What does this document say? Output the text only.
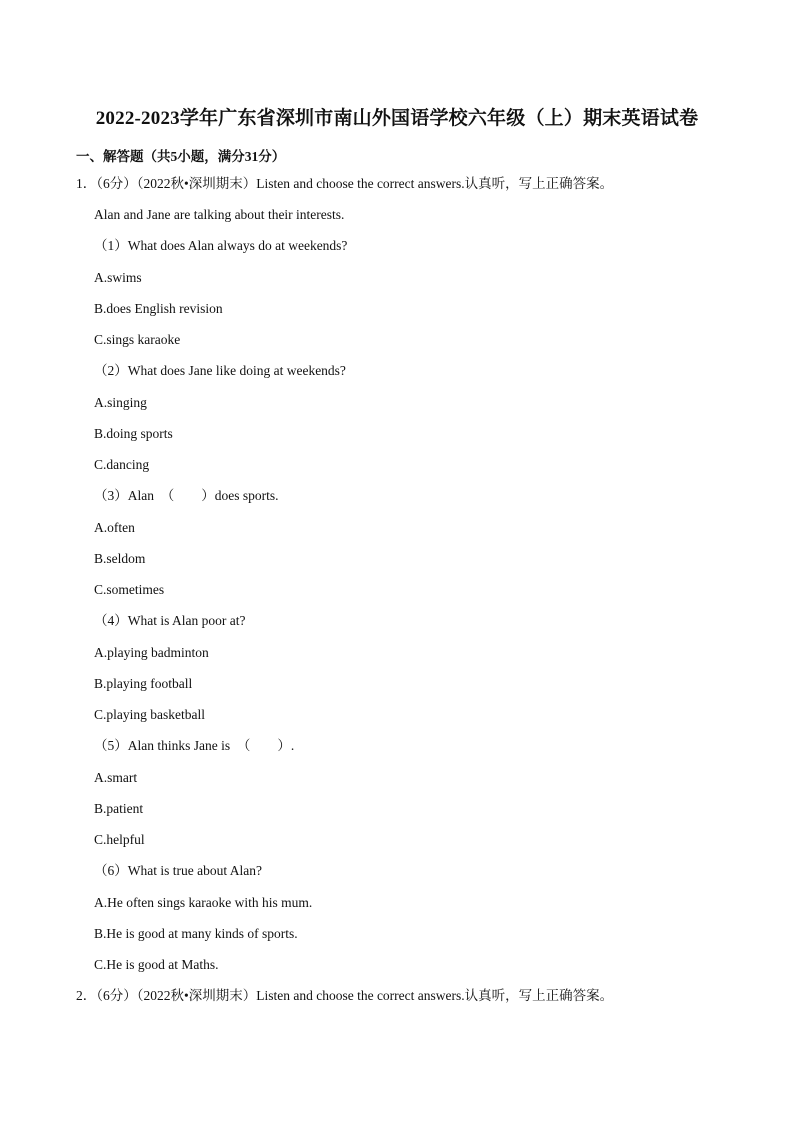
2022-2023学年广东省深圳市南山外国语学校六年级（上）期末英语试卷
一、解答题（共5小题，满分31分）
1．（6分）（2022秋•深圳期末）Listen and choose the correct answers.认真听，写上正确答案。
Alan and Jane are talking about their interests.
（1）What does Alan always do at weekends?
A.swims
B.does English revision
C.sings karaoke
（2）What does Jane like doing at weekends?
A.singing
B.doing sports
C.dancing
（3）Alan　（　　）does sports.
A.often
B.seldom
C.sometimes
（4）What is Alan poor at?
A.playing badminton
B.playing football
C.playing basketball
（5）Alan thinks Jane is　（　　）.
A.smart
B.patient
C.helpful
（6）What is true about Alan?
A.He often sings karaoke with his mum.
B.He is good at many kinds of sports.
C.He is good at Maths.
2．（6分）（2022秋•深圳期末）Listen and choose the correct answers.认真听，写上正确答案。
